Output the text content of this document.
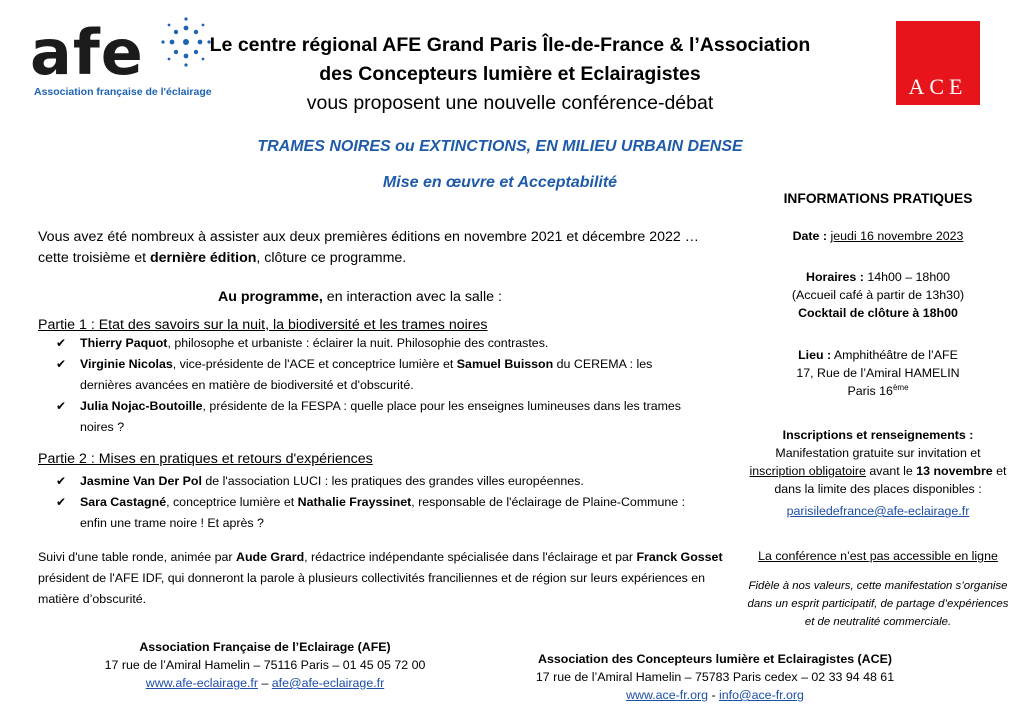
afe
Association française de l'éclairage	ACE
Le centre régional AFE Grand Paris Île-de-France & l’Association
des Concepteurs lumière et Eclairagistes
vous proposent une nouvelle conférence-débat
TRAMES NOIRES ou EXTINCTIONS, EN MILIEU URBAIN DENSE
Mise en œuvre et Acceptabilité
Vous avez été nombreux à assister aux deux premières éditions en novembre 2021 et décembre 2022 … cette troisième et dernière édition, clôture ce programme.
Au programme, en interaction avec la salle :
Partie 1 : Etat des savoirs sur la nuit, la biodiversité et les trames noires
✔ Thierry Paquot, philosophe et urbaniste : éclairer la nuit. Philosophie des contrastes.
✔ Virginie Nicolas, vice-présidente de l'ACE et conceptrice lumière et Samuel Buisson du CEREMA : les dernières avancées en matière de biodiversité et d'obscurité.
✔ Julia Nojac-Boutoille, présidente de la FESPA : quelle place pour les enseignes lumineuses dans les trames noires ?
Partie 2 : Mises en pratiques et retours d'expériences
✔ Jasmine Van Der Pol de l'association LUCI : les pratiques des grandes villes européennes.
✔ Sara Castagné, conceptrice lumière et Nathalie Frayssinet, responsable de l'éclairage de Plaine-Commune : enfin une trame noire ! Et après ?
Suivi d'une table ronde, animée par Aude Grard, rédactrice indépendante spécialisée dans l'éclairage et par Franck Gosset président de l'AFE IDF, qui donneront la parole à plusieurs collectivités franciliennes et de région sur leurs expériences en matière d’obscurité.
INFORMATIONS PRATIQUES
Date : jeudi 16 novembre 2023
Horaires : 14h00 – 18h00
(Accueil café à partir de 13h30)
Cocktail de clôture à 18h00
Lieu : Amphithéâtre de l’AFE
17, Rue de l’Amiral HAMELIN
Paris 16ème
Inscriptions et renseignements :
Manifestation gratuite sur invitation et
inscription obligatoire avant le 13 novembre et dans la limite des places disponibles :
parisiledefrance@afe-eclairage.fr
La conférence n’est pas accessible en ligne
Fidèle à nos valeurs, cette manifestation s’organise dans un esprit participatif, de partage d’expériences et de neutralité commerciale.
Association Française de l’Eclairage (AFE)
17 rue de l’Amiral Hamelin – 75116 Paris – 01 45 05 72 00
www.afe-eclairage.fr – afe@afe-eclairage.fr
Association des Concepteurs lumière et Eclairagistes (ACE)
17 rue de l’Amiral Hamelin – 75783 Paris cedex – 02 33 94 48 61
www.ace-fr.org - info@ace-fr.org
